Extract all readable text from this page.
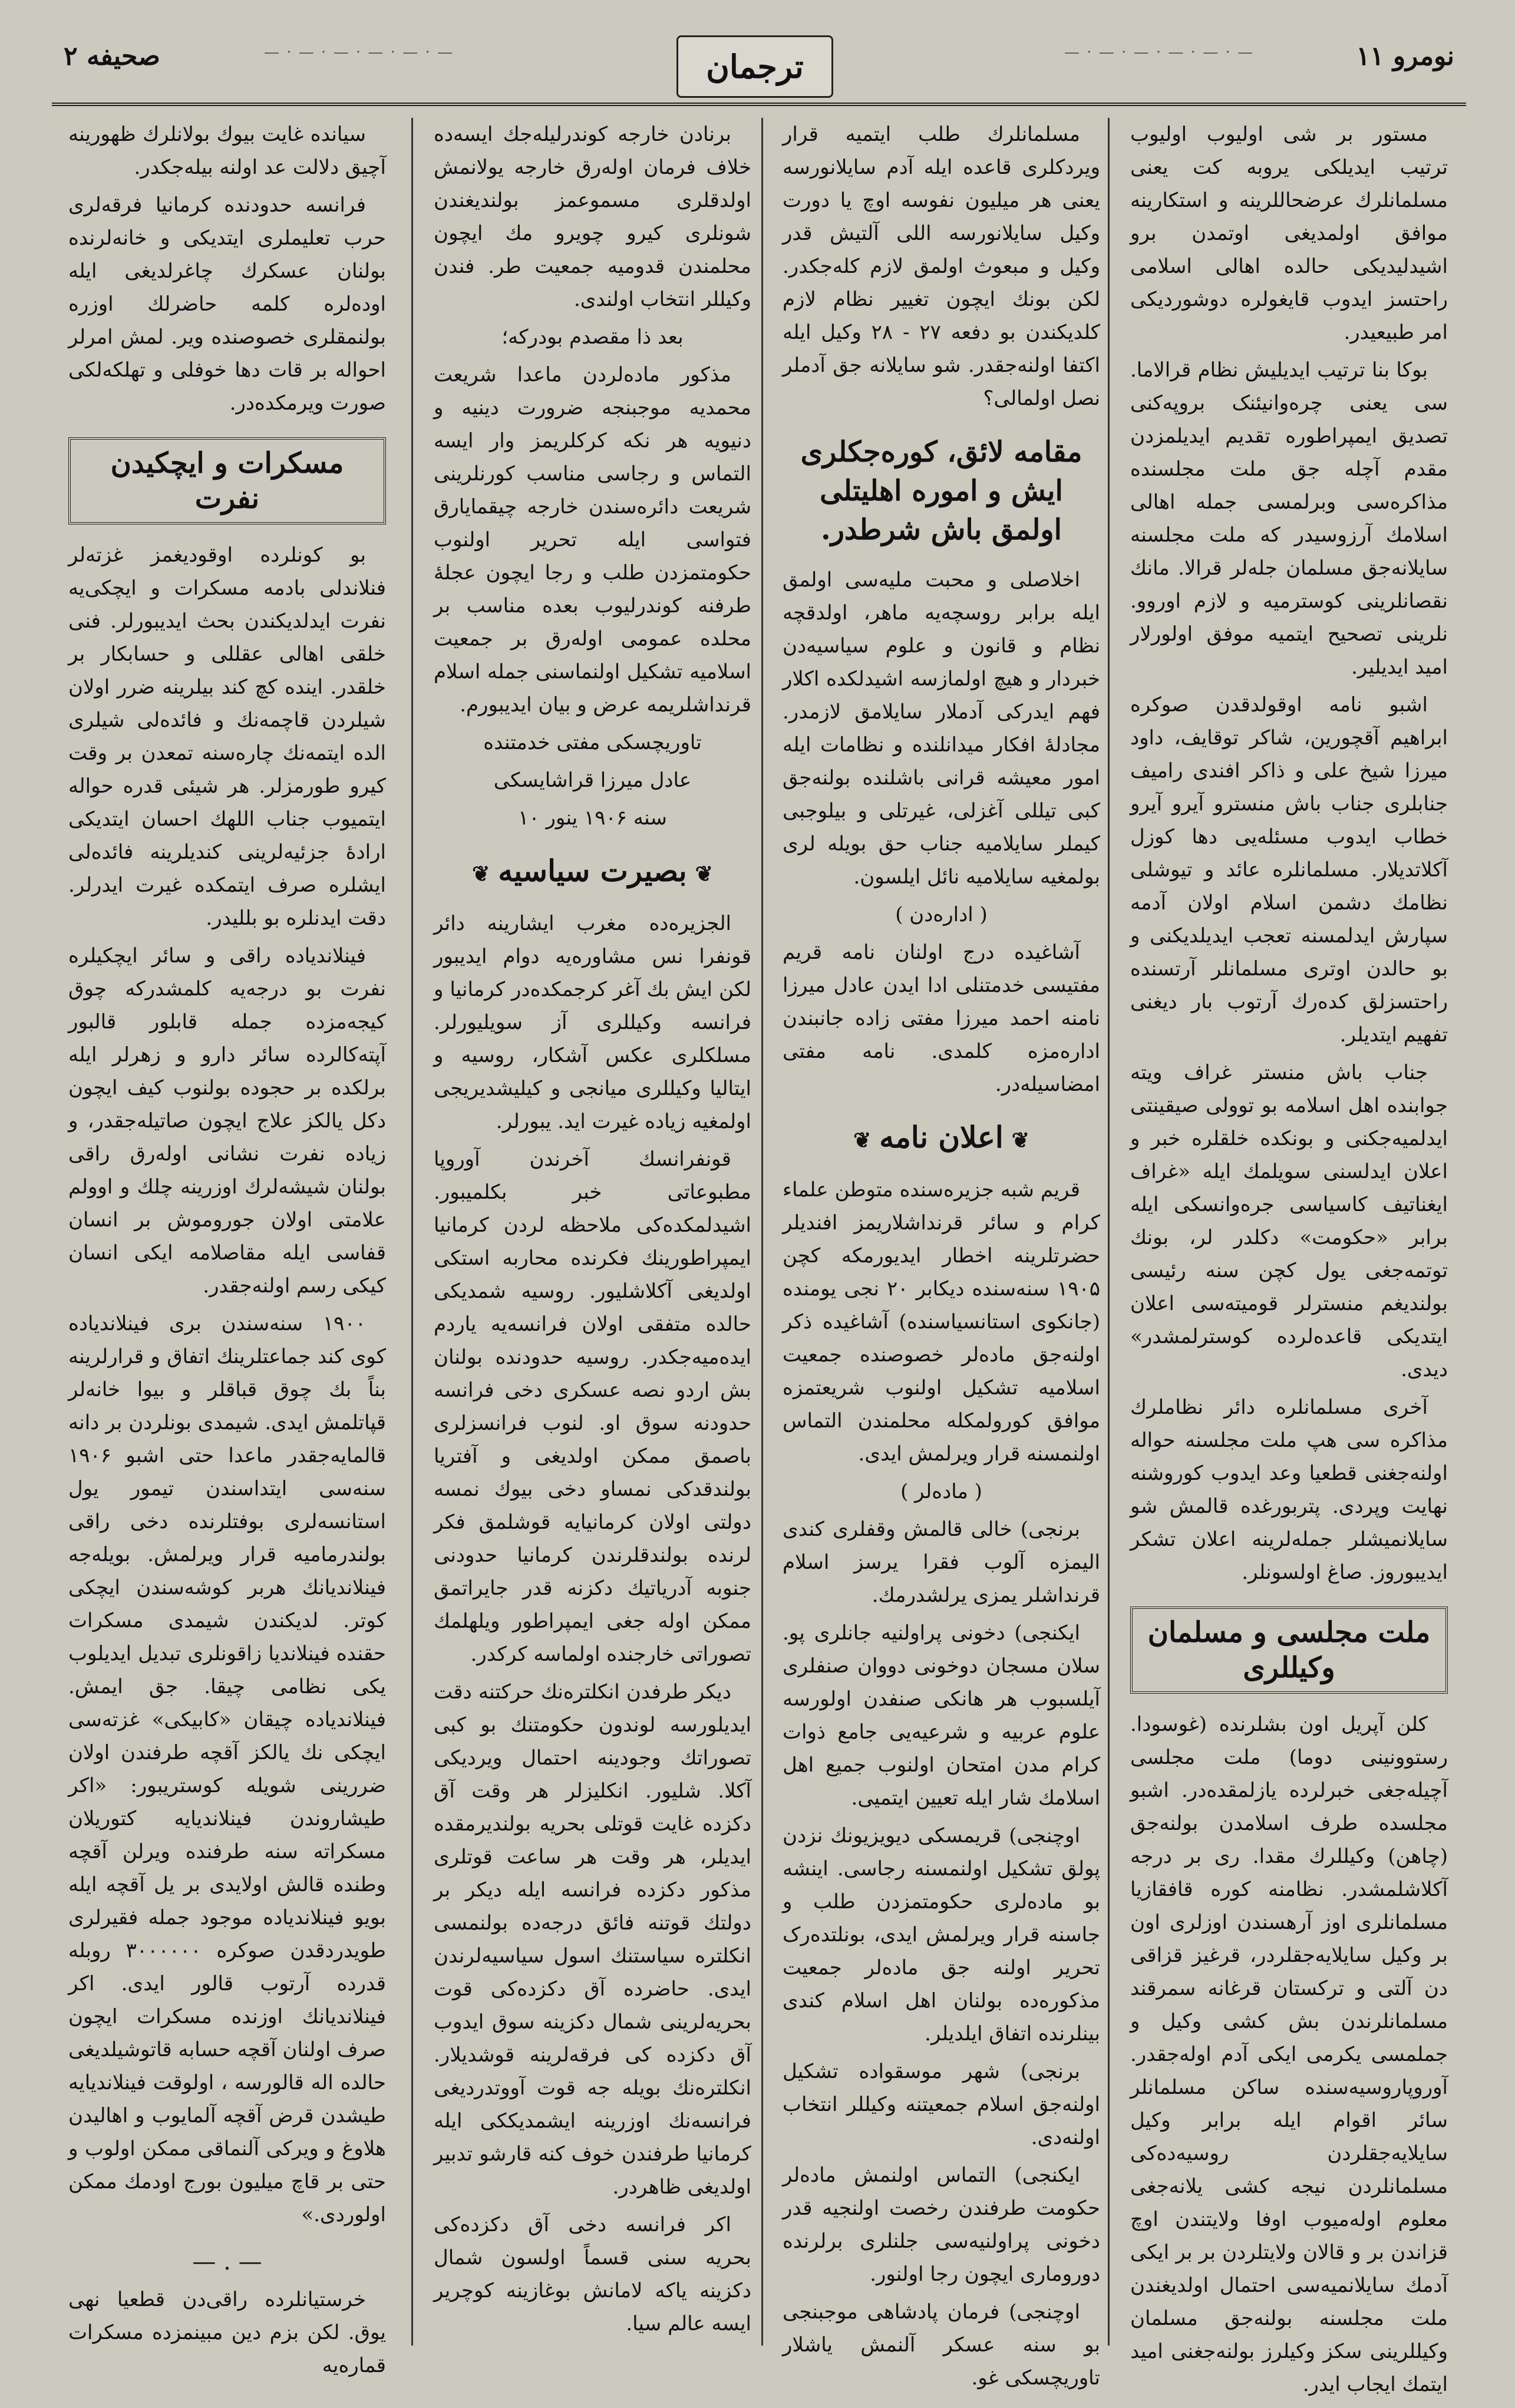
صحیفه ۲	— · — · — · — · — · —	ترجمان	— · — · — · — · — · —	نومرو ١١

مستور بر شی اولیوب اولیوب ترتیب ایدیلکی یروبه کت یعنی مسلمانلرك عرضحاللرینه و استکارینه موافق اولمدیغی اوتمدن برو اشیدلیدیکی حالده اهالی اسلامی راحتسز ایدوب قایغولره دوشوردیکی امر طبیعیدر.

بوکا بنا ترتیب ایدیلیش نظام قرالاما. سی یعنی چره‌وانیئنک بروپه‌کنی تصدیق ایمپراطوره تقدیم ایدیلمزدن مقدم آچله جق ملت مجلسنده مذاکره‌سی وبرلمسی جمله اهالی اسلامك آرزوسیدر که ملت مجلسنه سایلانه‌جق مسلمان جله‌لر قرالا. مانك نقصانلرینی کوسترمیه و لازم اوروو. نلرینی تصحیح ایتمیه موفق اولورلار امید ایدیلیر.

اشبو نامه اوقولدقدن صوکره ابراهیم آقچورین، شاکر توقایف، داود میرزا شیخ علی و ذاکر افندی رامیف جنابلری جناب باش منسترو آیرو آیرو خطاب ایدوب مسئله‌یی دها کوزل آکلاتدیلار. مسلمانلره عائد و تیوشلی نظامك دشمن اسلام اولان آدمه سپارش ایدلمسنه تعجب ایدیلدیکنی و بو حالدن اوتری مسلمانلر آرتسنده راحتسزلق کده‌رك آرتوب بار دیغنی تفهیم ایتدیلر.

جناب باش منستر غراف ویته جوابنده اهل اسلامه بو توولی صیقینتی ایدلمیه‌جکنی و بونکده خلقلره خبر و اعلان ایدلسنی سویلمك ایله «غراف ایغناتیف کاسیاسی جره‌وانسکی ایله برابر «حکومت» دکلدر لر، بونك توتمه‌جغی یول کچن سنه رئیسی بولندیغم منسترلر قومیته‌سی اعلان ایتدیکی قاعده‌لرده کوسترلمشدر» دیدی.

آخری مسلمانلره دائر نظاملرك مذاکره سی هپ ملت مجلسنه حواله اولنه‌جغنی قطعیا وعد ایدوب کوروشنه نهایت وپردی. پتربورغده قالمش شو سایلانمیشلر جمله‌لرینه اعلان تشکر ایدیبوروز. صاغ اولسونلر.

ملت مجلسی و مسلمان وکیللری

کلن آپریل اون بشلرنده (غوسودا. رستوونینی دوما) ملت مجلسی آچیله‌جغی خبرلرده یازلمقده‌در. اشبو مجلسده طرف اسلامدن بولنه‌جق (چاهن) وکیللرك مقدا. ری بر درجه آکلاشلمشدر. نظامنه کوره قافقازیا مسلمانلری اوز آرهسندن اوزلری اون بر وکیل سایلایه‌جقلردر، قرغیز قزاقی دن آلتی و ترکستان قرغانه سمرقند مسلمانلرندن بش کشی وکیل و جملمسی یکرمی ایکی آدم اوله‌جقدر. آوروپاروسیه‌سنده ساکن مسلمانلر سائر اقوام ایله برابر وکیل سایلایه‌جقلردن روسیه‌ده‌کی مسلمانلردن نیجه کشی یلانه‌جغی معلوم اوله‌میوب اوفا ولایتندن اوچ قزاندن بر و قالان ولایتلردن بر بر ایکی آدمك سایلانمیه‌سی احتمال اولدیغندن ملت مجلسنه بولنه‌جق مسلمان وکیللرینی سکز وکیلرز بولنه‌جغنی امید ایتمك ایجاب ایدر.

مسلمانلرك طلب ایتمیه قرار ویردکلری قاعده ایله آدم سایلانورسه یعنی هر میلیون نفوسه اوچ یا دورت وکیل سایلانورسه اللی آلتیش قدر وکیل و مبعوث اولمق لازم کله‌جکدر. لکن بونك ایچون تغییر نظام لازم کلدیکندن بو دفعه ۲۷ - ۲۸ وکیل ایله اکتفا اولنه‌جقدر. شو سایلانه جق آدملر نصل اولمالی؟

مقامه لائق، کوره‌جکلری ایش و اموره اهلیتلی اولمق باش شرطدر.

اخلاصلی و محبت ملیه‌سی اولمق ایله برابر روسچه‌یه ماهر، اولدقچه نظام و قانون و علوم سیاسیه‌دن خبردار و هیچ اولمازسه اشیدلکده اکلار فهم ایدرکی آدملار سایلامق لازمدر. مجادلهٔ افکار میدانلنده و نظامات ایله امور معیشه قرانی باشلنده بولنه‌جق کبی تیللی آغزلی، غیرتلی و بیلوجبی کیملر سایلامیه جناب حق بویله لری بولمغیه سایلامیه نائل ایلسون.

( اداره‌دن )

آشاغیده درج اولنان نامه قریم مفتیسی خدمتنلی ادا ایدن عادل میرزا نامنه احمد میرزا مفتی زاده جانبندن اداره‌مزه کلمدی. نامه مفتی امضاسیله‌در.

❦اعلان نامه❦

قریم شبه جزیره‌سنده متوطن علماء کرام و سائر قرنداشلاریمز افندیلر حضرتلرینه اخطار ایدیورمکه کچن ۱۹۰۵ سنه‌سنده دیکابر ۲۰ نجی یومنده (جانکوی استانسیاسنده) آشاغیده ذکر اولنه‌جق ماده‌لر خصوصنده جمعیت اسلامیه تشکیل اولنوب شریعتمزه موافق کورولمکله محلمندن التماس اولنمسنه قرار ویرلمش ایدی.

( ماده‌لر )

برنجی) خالی قالمش وقفلری کندی الیمزه آلوب فقرا یرسز اسلام قرنداشلر یمزی یرلشدرمك.

ایکنجی) دخونی پراولنیه جانلری پو. سلان مسجان دوخونی دووان صنفلری آیلسبوب هر هانکی صنفدن اولورسه علوم عربیه و شرعیه‌یی جامع ذوات کرام مدن امتحان اولنوب جمیع اهل اسلامك شار ایله تعیین ایتمیی.

اوچنجی) قریمسکی دیویزیونك نزدن پولق تشکیل اولنمسنه رجاسی. اینشه بو ماده‌لری حکومتمزدن طلب و جاسنه قرار ویرلمش ایدی، بونلتده‌رک تحریر اولنه جق ماده‌لر جمعیت مذکوره‌ده بولنان اهل اسلام کندی بینلرنده اتفاق ایلدیلر.

برنجی) شهر موسقواده تشکیل اولنه‌جق اسلام جمعیتنه وکیللر انتخاب اولنه‌دی.

ایکنجی) التماس اولنمش ماده‌لر حکومت طرفندن رخصت اولنجیه قدر دخونی پراولنیه‌سی جلنلری برلرنده دوروماری ایچون رجا اولنور.

اوچنجی) فرمان پادشاهی موجبنجی بو سنه عسکر آلنمش یاشلار تاوریچسکی غو.

برنادن خارجه کوندرلیله‌جك ایسه‌ده خلاف فرمان اوله‌رق خارجه یولانمش اولدقلری مسموعمز بولندیغندن شونلری کیرو چویرو مك ایچون محلمندن قدومیه جمعیت طر. فندن وکیللر انتخاب اولندی.

بعد ذا مقصدم بودرکه؛

مذکور ماده‌لردن ماعدا شریعت محمدیه موجبنجه ضرورت دینیه و دنیویه هر نکه کرکلریمز وار ایسه التماس و رجاسی مناسب کورنلرینی شریعت دائره‌سندن خارجه چیقمایارق فتواسی ایله تحریر اولنوب حکومتمزدن طلب و رجا ایچون عجلهٔ طرفنه کوندرلیوب بعده مناسب بر محلده عمومی اوله‌رق بر جمعیت اسلامیه تشکیل اولنماسنی جمله اسلام قرنداشلریمه عرض و بیان ایدیبورم.

تاوریچسکی مفتی خدمتنده
عادل میرزا قراشایسکی
سنه ۱۹۰۶ ینور ۱۰
❦بصیرت سیاسیه❦

الجزیره‌ده مغرب ایشارینه دائر قونفرا نس مشاوره‌یه دوام ایدیبور لکن ایش بك آغر کرجمکده‌در کرمانیا و فرانسه وکیللری آز سویلیورلر. مسلکلری عکس آشکار، روسیه و ایتالیا وکیللری میانجی و کیلیشدیریجی اولمغیه زیاده غیرت اید. یبورلر.

قونفرانسك آخرندن آوروپا مطبوعاتی خبر بکلمیبور. اشیدلمکده‌کی ملاحظه لردن کرمانیا ایمپراطورینك فکرنده محاربه استکی اولدیغی آکلاشلیور. روسیه شمدیکی حالده متفقی اولان فرانسه‌یه یاردم ایده‌میه‌جکدر. روسیه حدودنده بولنان بش اردو نصه عسکری دخی فرانسه حدودنه سوق او. لنوب فرانسزلری باصمق ممکن اولدیغی و آفتریا بولندقدکی نمساو دخی بیوك نمسه دولتی اولان کرمانیایه قوشلمق فکر لرنده بولندقلرندن کرمانیا حدودنی جنوبه آدریاتیك دکزنه قدر جایراتمق ممکن اوله جغی ایمپراطور ویلهلمك تصوراتی خارجنده اولماسه کرکدر.

دیکر طرفدن انکلتره‌نك حرکتنه دقت ایدیلورسه لوندون حکومتنك بو کبی تصوراتك وجودینه احتمال ویردیکی آکلا. شلیور. انکلیزلر هر وقت آق دکزده غایت قوتلی بحریه بولندیرمقده ایدیلر، هر وقت هر ساعت قوتلری مذکور دکزده فرانسه ایله دیکر بر دولتك قوتنه فائق درجه‌ده بولنمسی انکلتره سیاستنك اسول سیاسیه‌لرندن ایدی. حاضرده آق دکزده‌کی قوت بحریه‌لرینی شمال دکزینه سوق ایدوب آق دکزده کی فرقه‌لرینه قوشدیلار. انکلتره‌نك بویله جه قوت آووتدردیغی فرانسه‌نك اوزرینه ایشمدیککی ایله کرمانیا طرفندن خوف کنه قارشو تدبیر اولدیغی ظاهردر.

اکر فرانسه دخی آق دکزده‌کی بحریه سنی قسماً اولسون شمال دکزینه یاکه لامانش بوغازینه کوچریر ایسه عالم سیا.

سیانده غایت بیوك بولانلرك ظهورینه آچیق دلالت عد اولنه بیله‌جکدر.

فرانسه حدودنده کرمانیا فرقه‌لری حرب تعلیملری ایتدیکی و خانه‌لرنده بولنان عسکرك چاغرلدیغی ایله اوده‌لره کلمه حاضرلك اوزره بولنمقلری خصوصنده ویر. لمش امرلر احواله بر قات دها خوفلی و تهلکه‌لکی صورت ویرمکده‌در.

مسکرات و ایچکیدن نفرت

بو کونلرده اوقودیغمز غزته‌لر فنلاندلی بادمه مسکرات و ایچکی‌یه نفرت ایدلدیکندن بحث ایدیبورلر. فنی خلقی اهالی عقللی و حسابکار بر خلقدر. اینده کچ کند بیلرینه ضرر اولان شیلردن قاچمه‌نك و فائده‌لی شیلری الده ایتمه‌نك چاره‌سنه تمعدن بر وقت کیرو طورمزلر. هر شیئی قدره حواله ایتمیوب جناب اللهك احسان ایتدیکی ارادهٔ جزئیه‌لرینی کندیلرینه فائده‌لی ایشلره صرف ایتمکده غیرت ایدرلر. دقت ایدنلره بو بللیدر.

فینلاندیاده راقی و سائر ایچکیلره نفرت بو درجه‌یه کلمشدرکه چوق کیجه‌مزده جمله قابلور قالبور آپته‌کالرده سائر دارو و زهرلر ایله برلکده بر حجوده بولنوب کیف ایچون دکل یالکز علاج ایچون صاتیله‌جقدر، و زیاده نفرت نشانی اوله‌رق راقی بولنان شیشه‌لرك اوزرینه چلك و اوولم علامتی اولان جوروموش بر انسان قفاسی ایله مقاصلامه ایکی انسان کیکی رسم اولنه‌جقدر.

۱۹۰۰ سنه‌سندن بری فینلاندیاده کوی کند جماعتلرینك اتفاق و قرارلرینه بناً بك چوق قباقلر و بیوا خانه‌لر قپاتلمش ایدی. شیمدی بونلردن بر دانه قالمایه‌جقدر ماعدا حتی اشبو ۱۹۰۶ سنه‌سی ایتداسندن تیمور یول استانسه‌لری بوفتلرنده دخی راقی بولندرمامیه قرار ویرلمش. بویله‌جه فینلاندیانك هربر کوشه‌سندن ایچکی کوتر. لدیکندن شیمدی مسکرات حقنده فینلاندیا زاقونلری تبدیل ایدیلوب یکی نظامی چیقا. جق ایمش. فینلاندیاده چیقان «کابیکی» غزته‌سی ایچکی نك یالکز آقچه طرفندن اولان ضررینی شویله کوستریبور: «اکر طیشاروندن فینلاندیایه کتوریلان مسکراته سنه طرفنده ویرلن آقچه وطنده قالش اولایدی بر یل آقچه ایله بویو فینلاندیاده موجود جمله فقیرلری طویدردقدن صوکره ۳۰۰۰۰۰۰ روبله قدرده آرتوب قالور ایدی. اکر فینلاندیانك اوزنده مسکرات ایچون صرف اولنان آقچه حسابه قاتوشیلدیغی حالده اله قالورسه ، اولوقت فینلاندیایه طیشدن قرض آقچه آلمایوب و اهالیدن هلاوغ و ویرکی آلنماقی ممکن اولوب و حتی بر قاچ میلیون بورج اودمك ممکن اولوردی.»

— . —

خرستیانلرده راقی‌دن قطعیا نهی یوق. لکن بزم دین مبینمزده مسکرات قماره‌یه
